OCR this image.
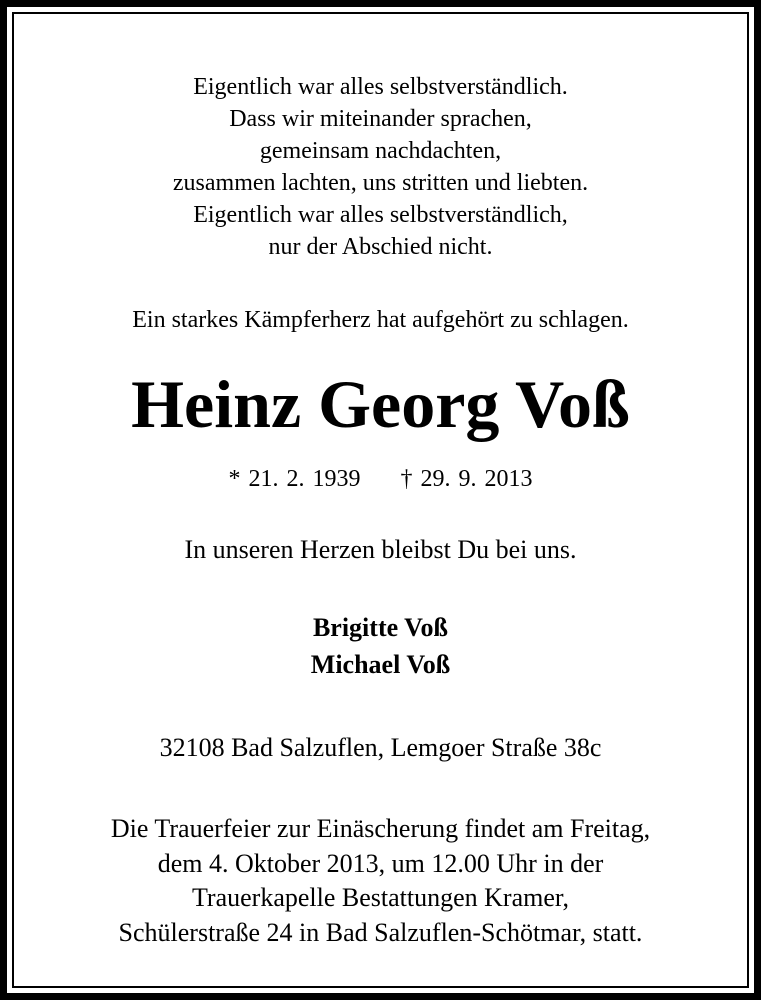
Eigentlich war alles selbstverständlich.
Dass wir miteinander sprachen,
gemeinsam nachdachten,
zusammen lachten, uns stritten und liebten.
Eigentlich war alles selbstverständlich,
nur der Abschied nicht.
Ein starkes Kämpferherz hat aufgehört zu schlagen.
Heinz Georg Voß
* 21. 2. 1939 † 29. 9. 2013
In unseren Herzen bleibst Du bei uns.
Brigitte Voß
Michael Voß
32108 Bad Salzuflen, Lemgoer Straße 38c
Die Trauerfeier zur Einäscherung findet am Freitag,
dem 4. Oktober 2013, um 12.00 Uhr in der
Trauerkapelle Bestattungen Kramer,
Schülerstraße 24 in Bad Salzuflen-Schötmar, statt.
